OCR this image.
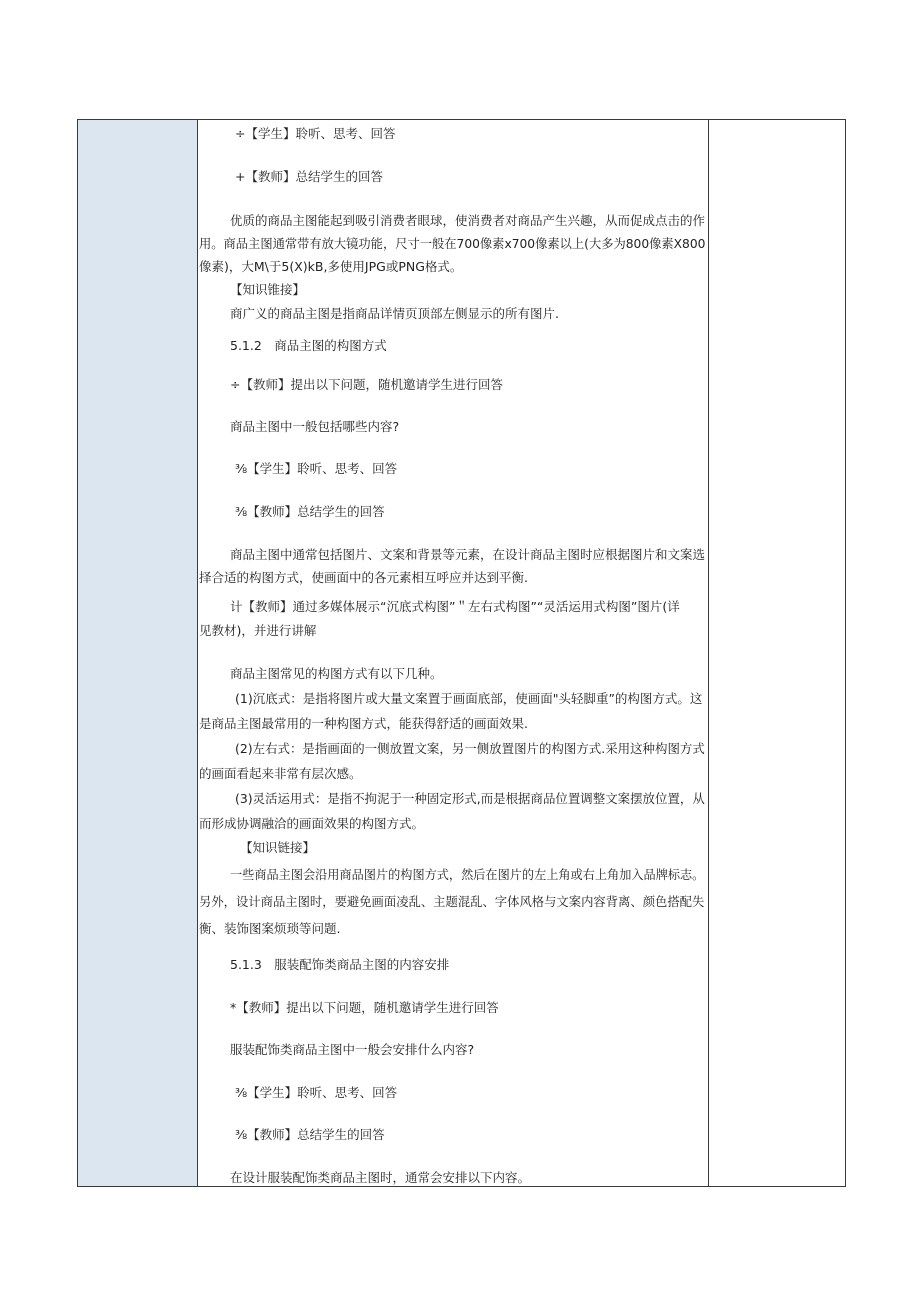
÷【学生】聆听、思考、回答

+【教师】总结学生的回答

优质的商品主图能起到吸引消费者眼球，使消费者对商品产生兴趣，从而促成点击的作

用。商品主图通常带有放大镜功能，尺寸一般在700像素x700像素以上(大多为800像素X800

像素)，大M\于5(X)kB,多使用JPG或PNG格式。

【知识锥接】

商广义的商品主图是指商品详情页顶部左侧显示的所有图片.

5.1.2　商品主图的构图方式

÷【教师】提出以下问题，随机邀请学生进行回答

商品主图中一般包括哪些内容?

⅜【学生】聆听、思考、回答

⅜【教师】总结学生的回答

商品主图中通常包括图片、文案和背景等元素，在设计商品主图时应根据图片和文案选

择合适的构图方式，使画面中的各元素相互呼应并达到平衡.

计【教师】通过多媒体展示“沉底式构图”＂左右式构图”“灵活运用式构图”图片(详

见教材)，并进行讲解

商品主图常见的构图方式有以下几种。

(1)沉底式：是指将图片或大量文案置于画面底部，使画面"头轻脚重”的构图方式。这

是商品主图最常用的一种构图方式，能获得舒适的画面效果.

(2)左右式：是指画面的一侧放置文案，另一侧放置图片的构图方式.采用这种构图方式

的画面看起来非常有层次感。

(3)灵活运用式：是指不拘泥于一种固定形式,而是根据商品位置调整文案摆放位置，从

而形成协调融洽的画面效果的构图方式。

【知识链接】

一些商品主图会沿用商品图片的构图方式，然后在图片的左上角或右上角加入品牌标志。

另外，设计商品主图时，要避免画面凌乱、主题混乱、字体风格与文案内容背离、颜色搭配失

衡、装饰图案烦琐等问题.

5.1.3　服装配饰类商品主图的内容安排

*【教师】提出以下问题，随机邀请学生进行回答

服装配饰类商品主图中一般会安排什么内容?

⅜【学生】聆听、思考、回答

⅜【教师】总结学生的回答

在设计服装配饰类商品主图时，通常会安排以下内容。
